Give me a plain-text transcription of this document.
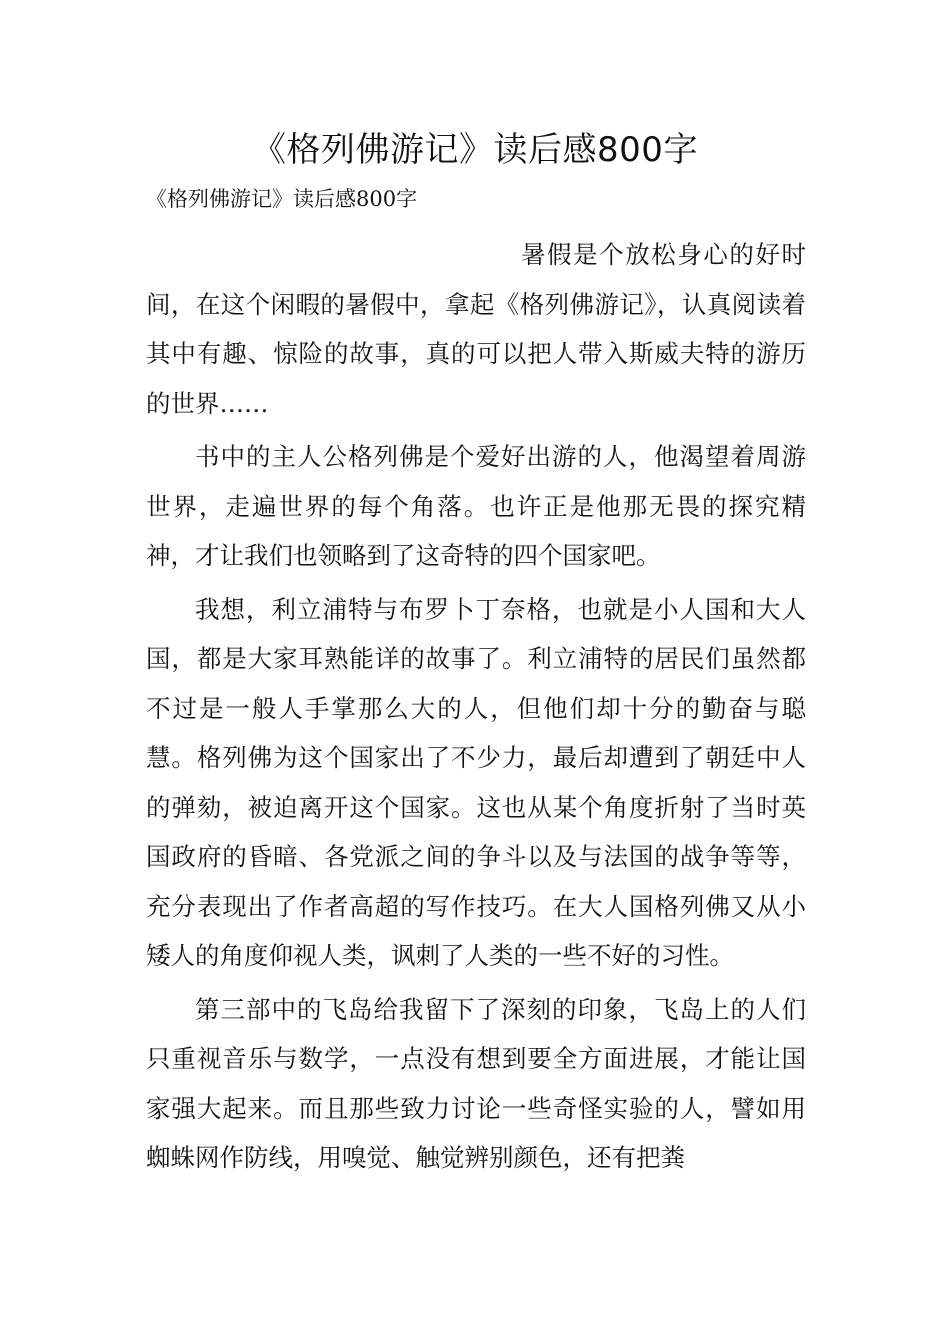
《格列佛游记》读后感800字
《格列佛游记》读后感800字

暑假是个放松身心的好时间，在这个闲暇的暑假中，拿起《格列佛游记》，认真阅读着其中有趣、惊险的故事，真的可以把人带入斯威夫特的游历的世界……

书中的主人公格列佛是个爱好出游的人，他渴望着周游世界，走遍世界的每个角落。也许正是他那无畏的探究精神，才让我们也领略到了这奇特的四个国家吧。

我想，利立浦特与布罗卜丁奈格，也就是小人国和大人国，都是大家耳熟能详的故事了。利立浦特的居民们虽然都不过是一般人手掌那么大的人，但他们却十分的勤奋与聪慧。格列佛为这个国家出了不少力，最后却遭到了朝廷中人的弹劾，被迫离开这个国家。这也从某个角度折射了当时英国政府的昏暗、各党派之间的争斗以及与法国的战争等等，充分表现出了作者高超的写作技巧。在大人国格列佛又从小矮人的角度仰视人类，讽刺了人类的一些不好的习性。

第三部中的飞岛给我留下了深刻的印象，飞岛上的人们只重视音乐与数学，一点没有想到要全方面进展，才能让国家强大起来。而且那些致力讨论一些奇怪实验的人，譬如用蜘蛛网作防线，用嗅觉、触觉辨别颜色，还有把粪
